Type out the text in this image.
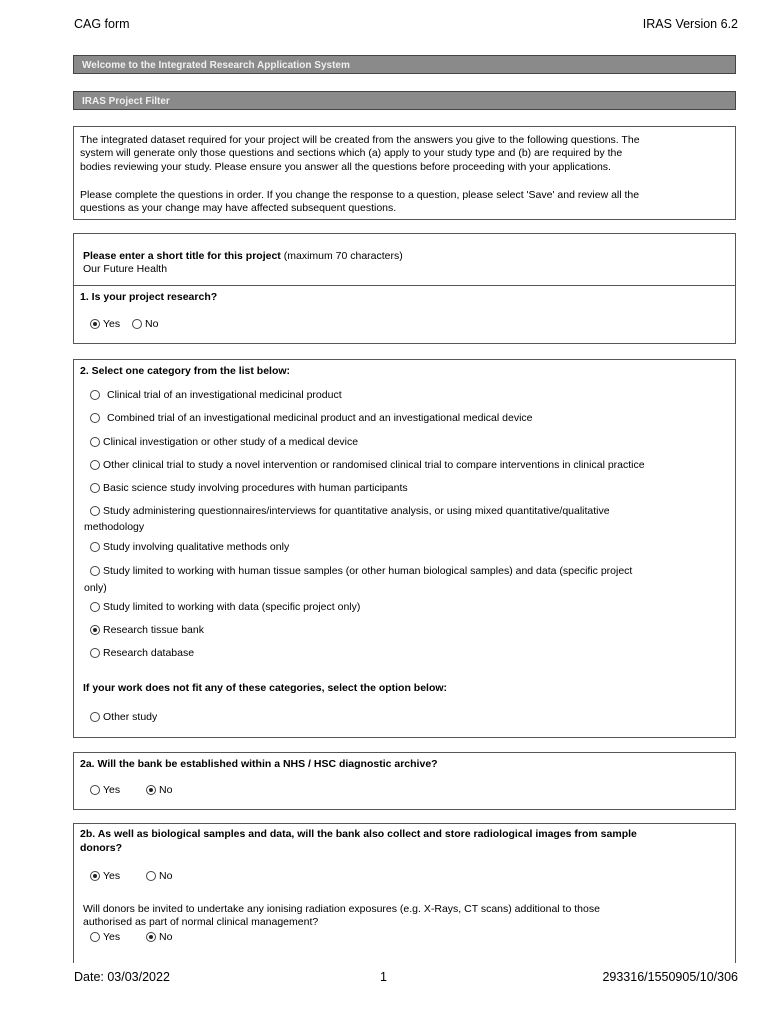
CAG form	IRAS Version 6.2
Welcome to the Integrated Research Application System
IRAS Project Filter
The integrated dataset required for your project will be created from the answers you give to the following questions. The
system will generate only those questions and sections which (a) apply to your study type and (b) are required by the
bodies reviewing your study. Please ensure you answer all the questions before proceeding with your applications.
Please complete the questions in order. If you change the response to a question, please select 'Save' and review all the
questions as your change may have affected subsequent questions.
Please enter a short title for this project (maximum 70 characters)
Our Future Health
1. Is your project research?
Yes	No
2. Select one category from the list below:
Clinical trial of an investigational medicinal product
Combined trial of an investigational medicinal product and an investigational medical device
Clinical investigation or other study of a medical device
Other clinical trial to study a novel intervention or randomised clinical trial to compare interventions in clinical practice
Basic science study involving procedures with human participants
Study administering questionnaires/interviews for quantitative analysis, or using mixed quantitative/qualitative
methodology
Study involving qualitative methods only
Study limited to working with human tissue samples (or other human biological samples) and data (specific project
only)
Study limited to working with data (specific project only)
Research tissue bank
Research database
If your work does not fit any of these categories, select the option below:
Other study
2a. Will the bank be established within a NHS / HSC diagnostic archive?
Yes	No
2b. As well as biological samples and data, will the bank also collect and store radiological images from sample
donors?
Yes	No
Will donors be invited to undertake any ionising radiation exposures (e.g. X-Rays, CT scans) additional to those
authorised as part of normal clinical management?
Yes	No
Date: 03/03/2022	1	293316/1550905/10/306
